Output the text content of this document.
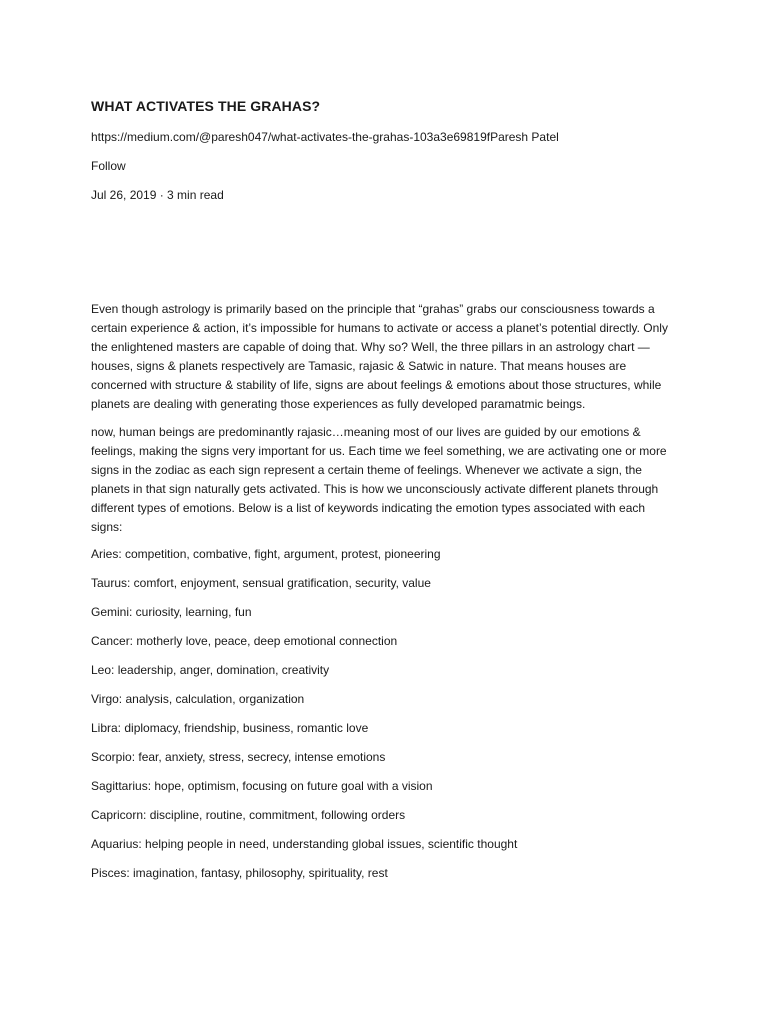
WHAT ACTIVATES THE GRAHAS?

https://medium.com/@paresh047/what-activates-the-grahas-103a3e69819fParesh Patel

Follow

Jul 26, 2019 · 3 min read

Even though astrology is primarily based on the principle that “grahas” grabs our consciousness towards a certain experience & action, it’s impossible for humans to activate or access a planet’s potential directly. Only the enlightened masters are capable of doing that. Why so? Well, the three pillars in an astrology chart — houses, signs & planets respectively are Tamasic, rajasic & Satwic in nature. That means houses are concerned with structure & stability of life, signs are about feelings & emotions about those structures, while planets are dealing with generating those experiences as fully developed paramatmic beings.

now, human beings are predominantly rajasic…meaning most of our lives are guided by our emotions & feelings, making the signs very important for us. Each time we feel something, we are activating one or more signs in the zodiac as each sign represent a certain theme of feelings. Whenever we activate a sign, the planets in that sign naturally gets activated. This is how we unconsciously activate different planets through different types of emotions. Below is a list of keywords indicating the emotion types associated with each signs:

Aries: competition, combative, fight, argument, protest, pioneering
Taurus: comfort, enjoyment, sensual gratification, security, value
Gemini: curiosity, learning, fun
Cancer: motherly love, peace, deep emotional connection
Leo: leadership, anger, domination, creativity
Virgo: analysis, calculation, organization
Libra: diplomacy, friendship, business, romantic love
Scorpio: fear, anxiety, stress, secrecy, intense emotions
Sagittarius: hope, optimism, focusing on future goal with a vision
Capricorn: discipline, routine, commitment, following orders
Aquarius: helping people in need, understanding global issues, scientific thought
Pisces: imagination, fantasy, philosophy, spirituality, rest
